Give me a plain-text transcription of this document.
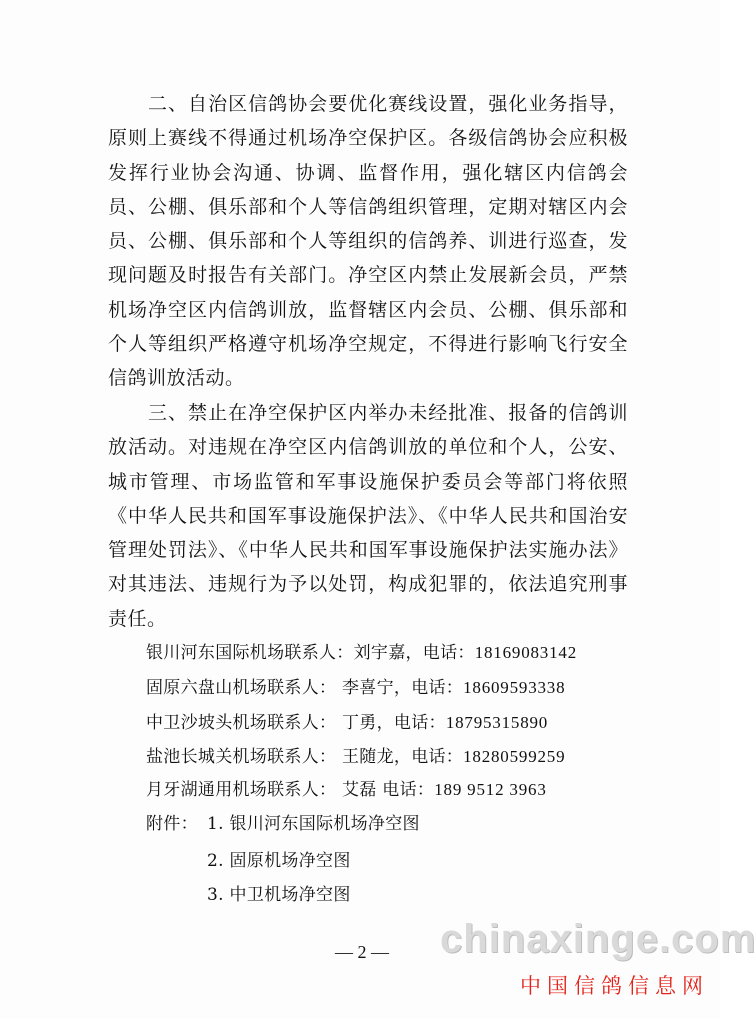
二、自治区信鸽协会要优化赛线设置，强化业务指导，原则上赛线不得通过机场净空保护区。各级信鸽协会应积极发挥行业协会沟通、协调、监督作用，强化辖区内信鸽会员、公棚、俱乐部和个人等信鸽组织管理，定期对辖区内会员、公棚、俱乐部和个人等组织的信鸽养、训进行巡查，发现问题及时报告有关部门。净空区内禁止发展新会员，严禁机场净空区内信鸽训放，监督辖区内会员、公棚、俱乐部和个人等组织严格遵守机场净空规定，不得进行影响飞行安全信鸽训放活动。

三、禁止在净空保护区内举办未经批准、报备的信鸽训放活动。对违规在净空区内信鸽训放的单位和个人，公安、城市管理、市场监管和军事设施保护委员会等部门将依照《中华人民共和国军事设施保护法》、《中华人民共和国治安管理处罚法》、《中华人民共和国军事设施保护法实施办法》对其违法、违规行为予以处罚，构成犯罪的，依法追究刑事责任。

银川河东国际机场联系人：刘宇嘉，电话：18169083142
固原六盘山机场联系人： 李喜宁，电话：18609593338
中卫沙坡头机场联系人： 丁勇，电话：18795315890
盐池长城关机场联系人： 王随龙，电话：18280599259
月牙湖通用机场联系人： 艾磊 电话：189 9512 3963
附件： 1. 银川河东国际机场净空图
2. 固原机场净空图
3. 中卫机场净空图
— 2 — chinaxinge.com
中国信鸽信息网
